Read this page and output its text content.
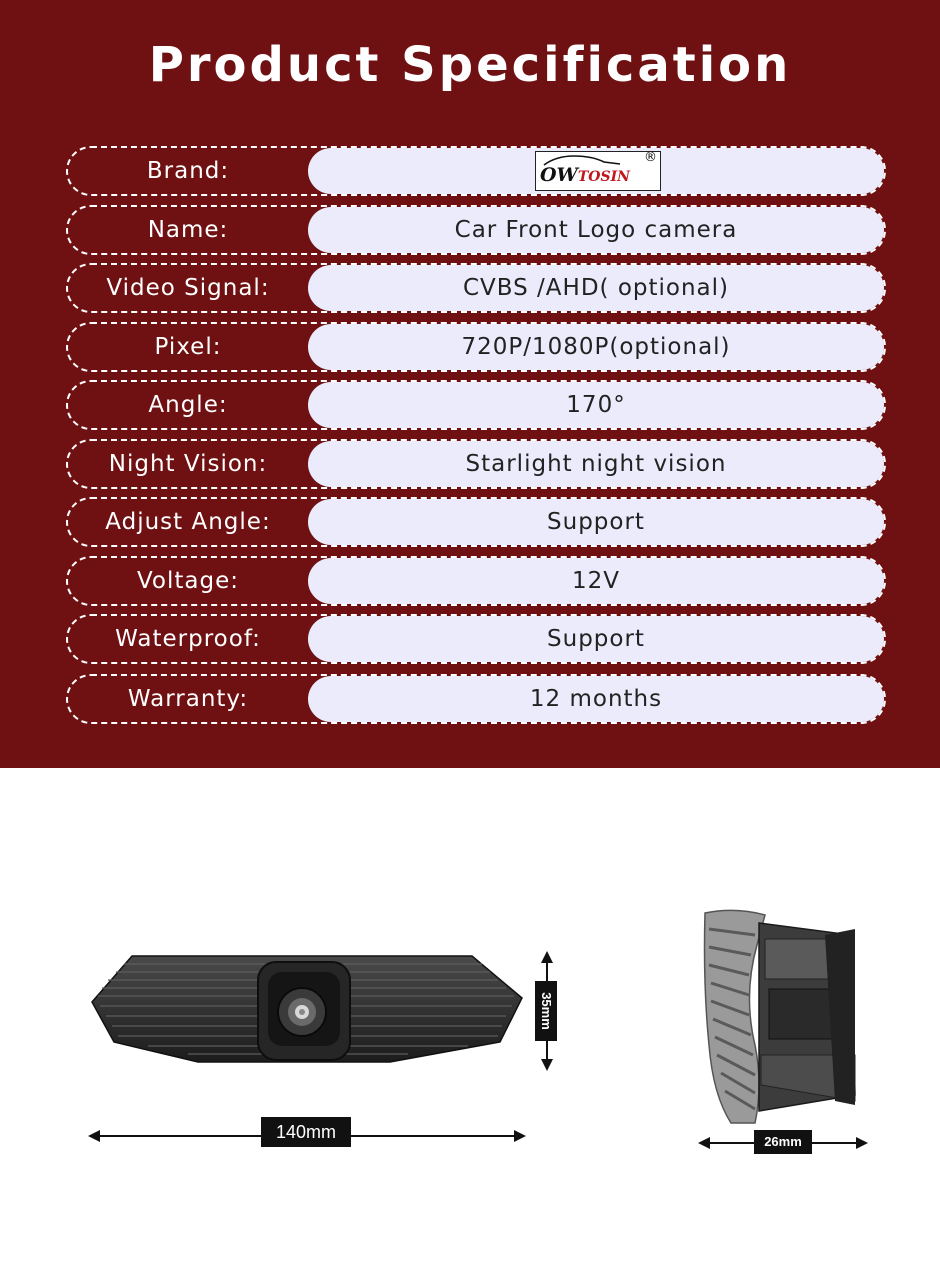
Product Specification
Brand:	OWTOSIN
®
Name:	Car Front Logo camera
Video Signal:	CVBS /AHD( optional)
Pixel:	720P/1080P(optional)
Angle:	170°
Night Vision:	Starlight night vision
Adjust Angle:	Support
Voltage:	12V
Waterproof:	Support
Warranty:	12 months
35mm
140mm	26mm
